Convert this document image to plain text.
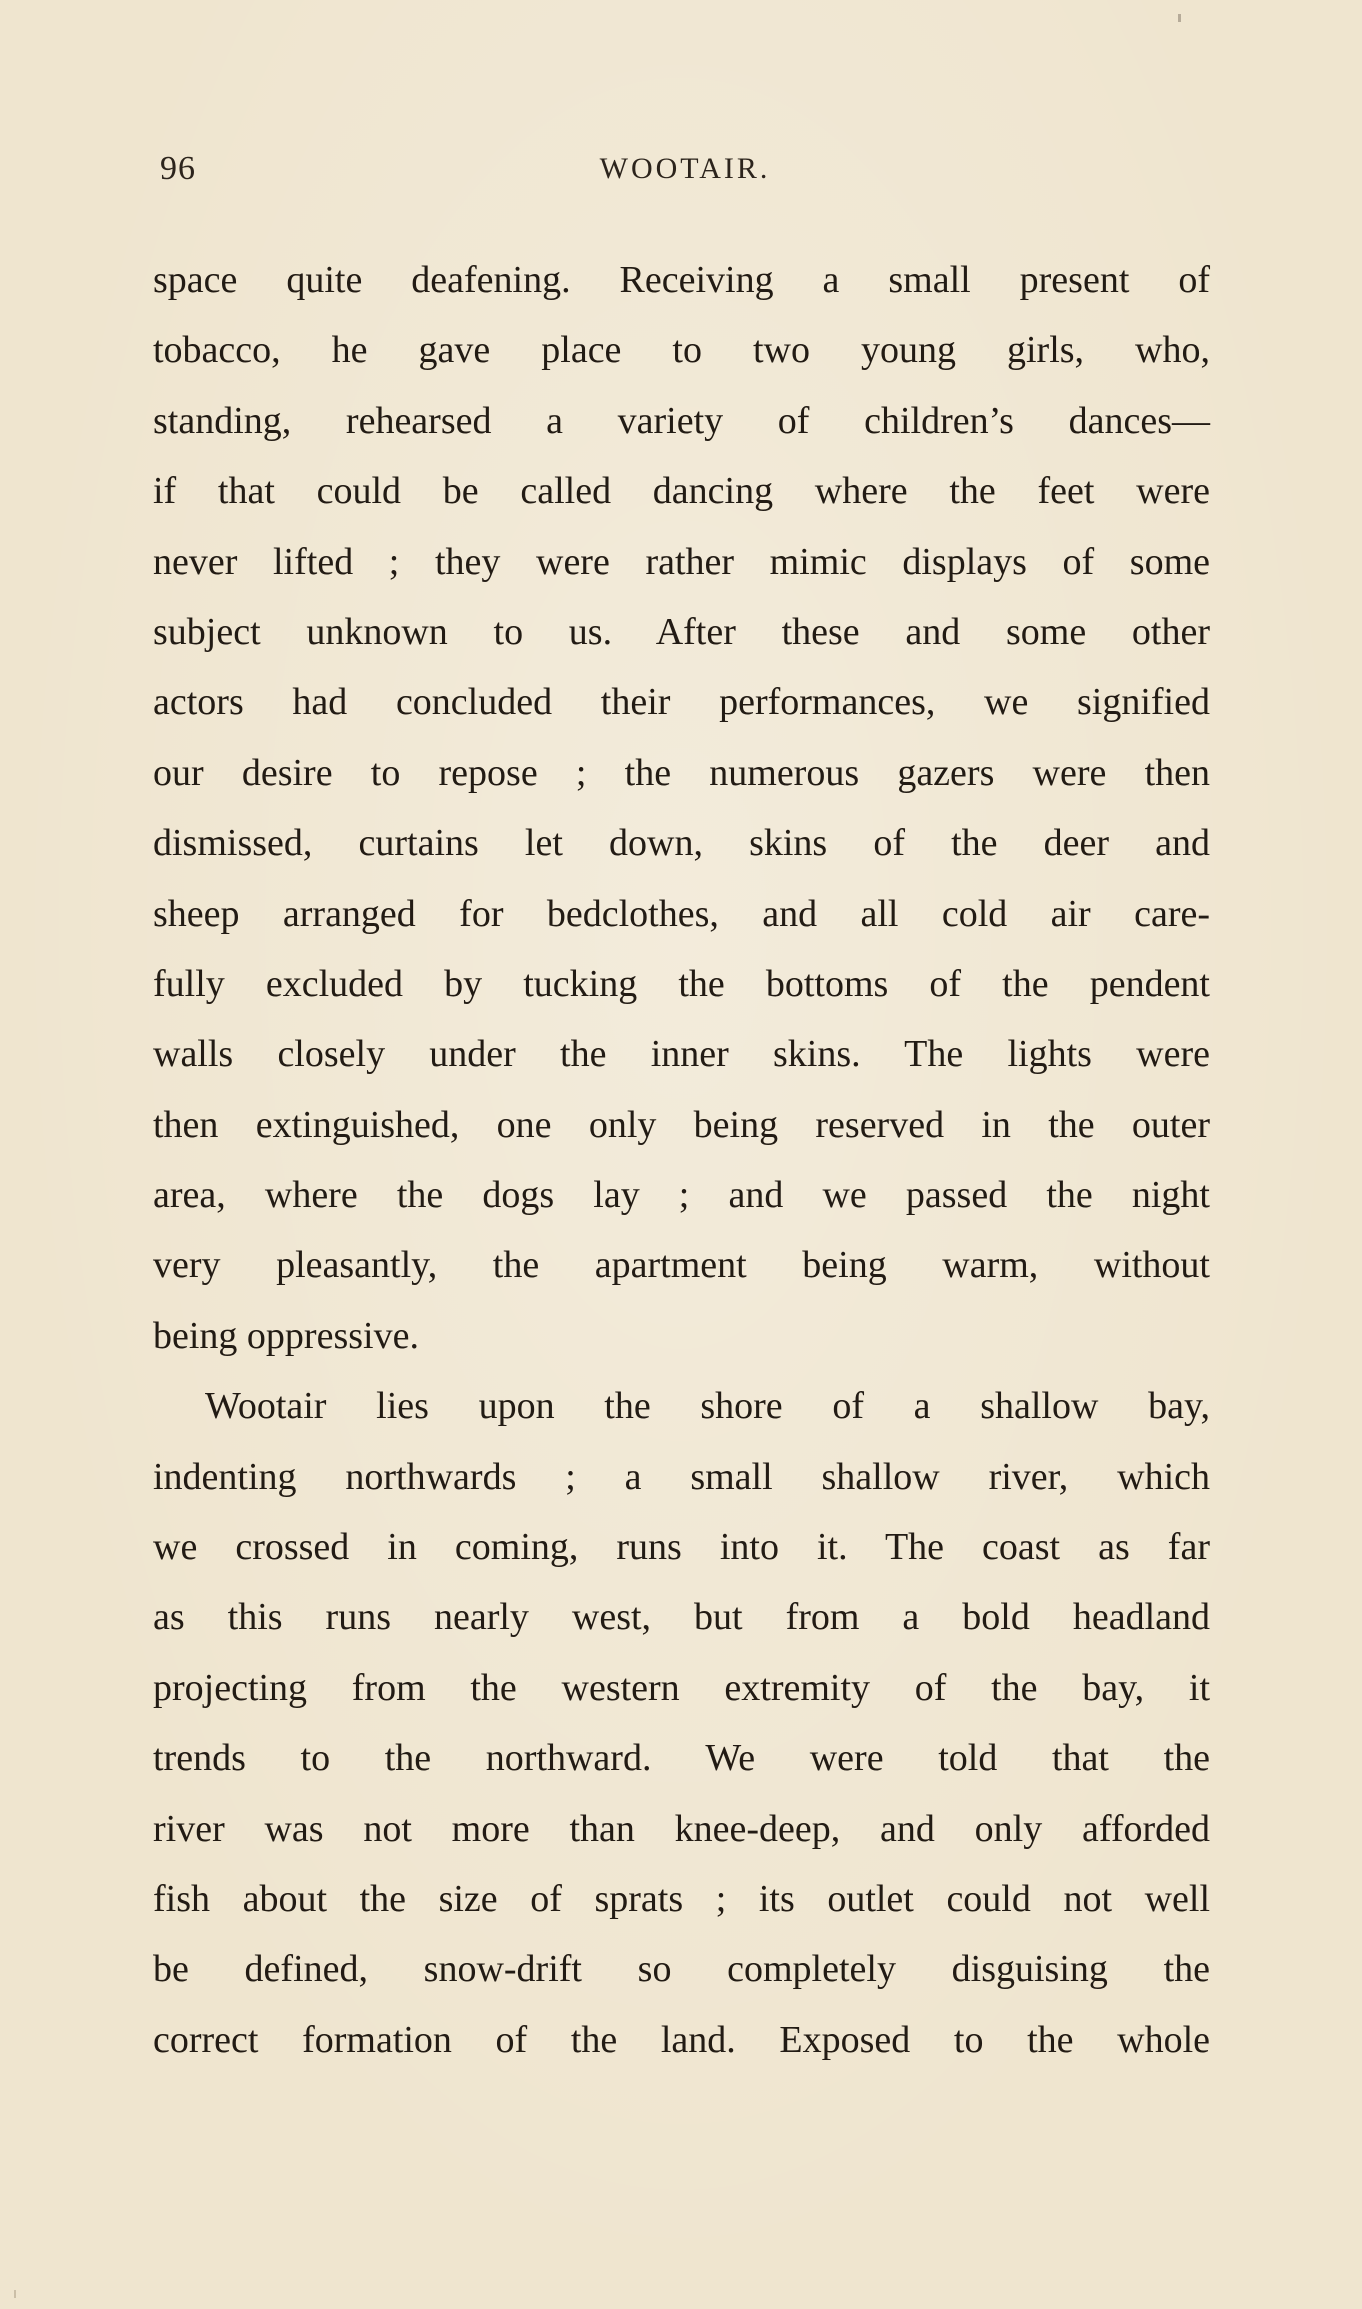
96	WOOTAIR.
space quite deafening. Receiving a small present of
tobacco, he gave place to two young girls, who,
standing, rehearsed a variety of children’s dances—
if that could be called dancing where the feet were
never lifted ; they were rather mimic displays of some
subject unknown to us. After these and some other
actors had concluded their performances, we signified
our desire to repose ; the numerous gazers were then
dismissed, curtains let down, skins of the deer and
sheep arranged for bedclothes, and all cold air care-
fully excluded by tucking the bottoms of the pendent
walls closely under the inner skins. The lights were
then extinguished, one only being reserved in the outer
area, where the dogs lay ; and we passed the night
very pleasantly, the apartment being warm, without
being oppressive.
Wootair lies upon the shore of a shallow bay,
indenting northwards ; a small shallow river, which
we crossed in coming, runs into it. The coast as far
as this runs nearly west, but from a bold headland
projecting from the western extremity of the bay, it
trends to the northward. We were told that the
river was not more than knee-deep, and only afforded
fish about the size of sprats ; its outlet could not well
be defined, snow-drift so completely disguising the
correct formation of the land. Exposed to the whole
